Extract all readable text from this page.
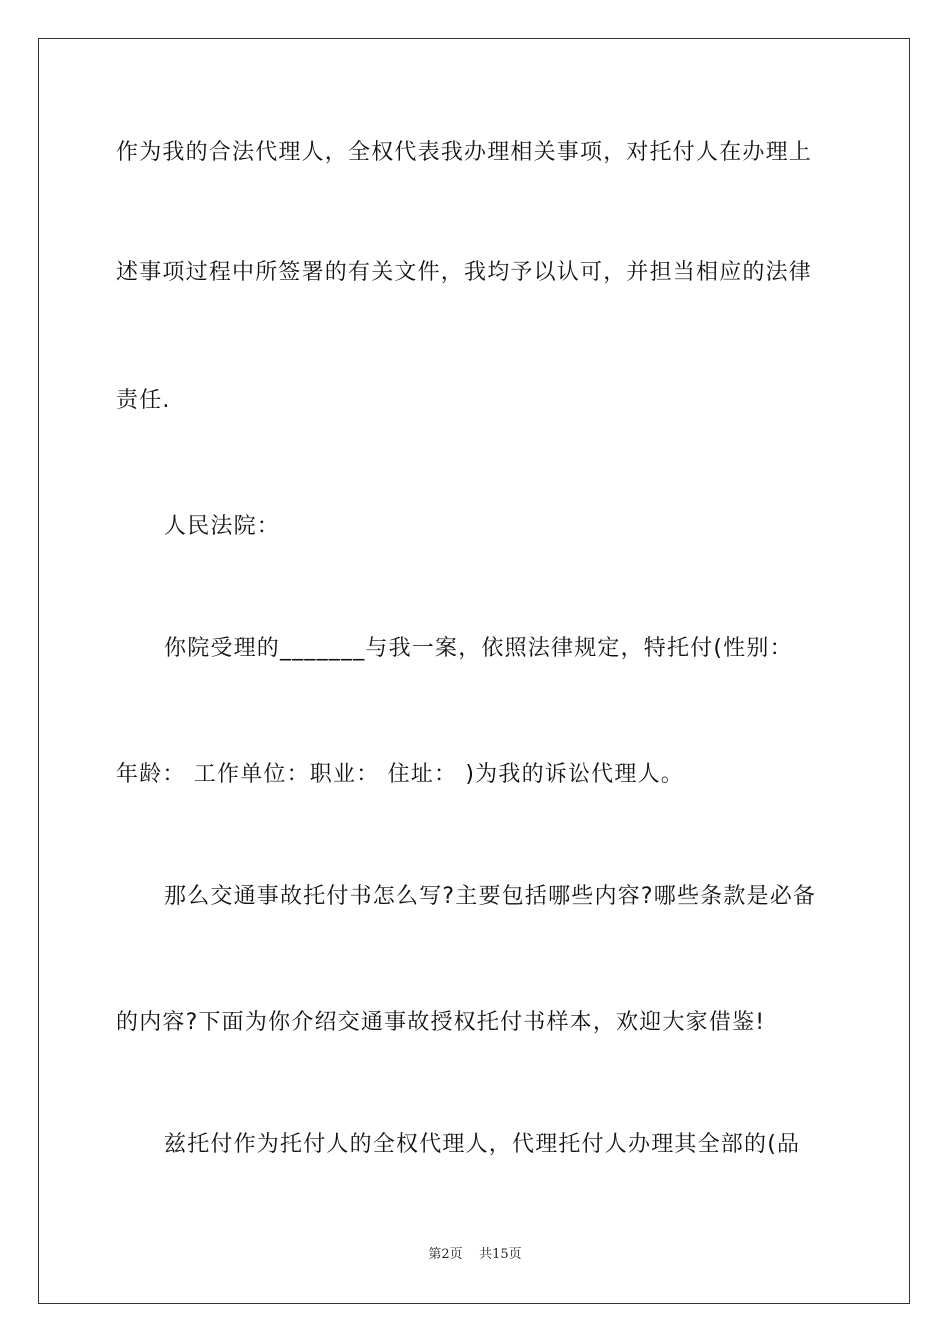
作为我的合法代理人，全权代表我办理相关事项，对托付人在办理上
述事项过程中所签署的有关文件，我均予以认可，并担当相应的法律
责任.
人民法院：
你院受理的_______与我一案，依照法律规定，特托付(性别：
年龄： 工作单位：职业： 住址： )为我的诉讼代理人。
那么交通事故托付书怎么写?主要包括哪些内容?哪些条款是必备
的内容?下面为你介绍交通事故授权托付书样本，欢迎大家借鉴!
兹托付作为托付人的全权代理人，代理托付人办理其全部的(品
第2页 共15页
